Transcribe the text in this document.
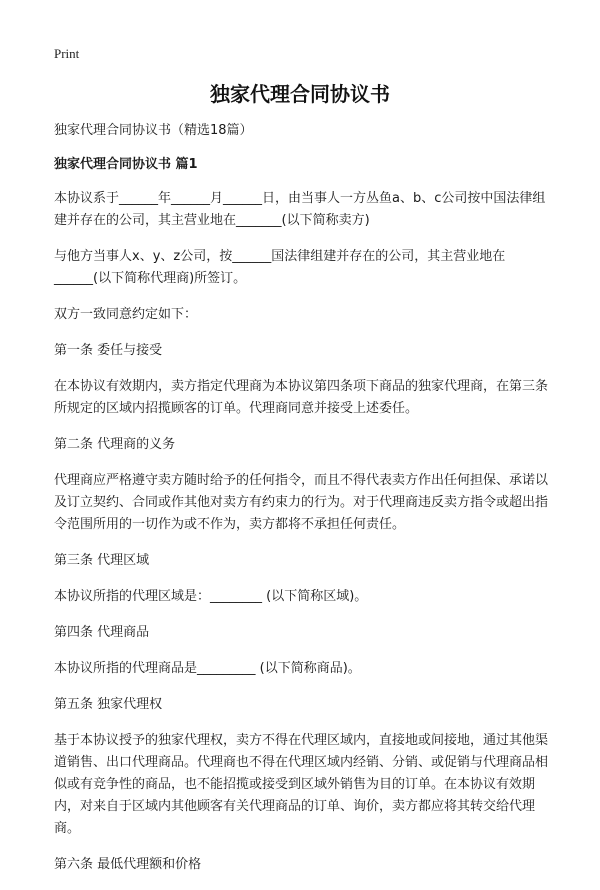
Print
独家代理合同协议书

独家代理合同协议书（精选18篇）

独家代理合同协议书 篇1

本协议系于______年______月______日，由当事人一方丛鱼a、b、c公司按中国法律组建并存在的公司，其主营业地在_______(以下简称卖方)

与他方当事人x、y、z公司，按______国法律组建并存在的公司，其主营业地在______(以下简称代理商)所签订。

双方一致同意约定如下：

第一条 委任与接受

在本协议有效期内，卖方指定代理商为本协议第四条项下商品的独家代理商，在第三条所规定的区域内招揽顾客的订单。代理商同意并接受上述委任。

第二条 代理商的义务

代理商应严格遵守卖方随时给予的任何指令，而且不得代表卖方作出任何担保、承诺以及订立契约、合同或作其他对卖方有约束力的行为。对于代理商违反卖方指令或超出指令范围所用的一切作为或不作为，卖方都将不承担任何责任。

第三条 代理区域

本协议所指的代理区域是：________ (以下简称区域)。

第四条 代理商品

本协议所指的代理商品是_________ (以下简称商品)。

第五条 独家代理权

基于本协议授予的独家代理权，卖方不得在代理区域内，直接地或间接地，通过其他渠道销售、出口代理商品。代理商也不得在代理区域内经销、分销、或促销与代理商品相似或有竞争性的商品，也不能招揽或接受到区域外销售为目的订单。在本协议有效期内，对来自于区域内其他顾客有关代理商品的订单、询价，卖方都应将其转交给代理商。

第六条 最低代理额和价格
